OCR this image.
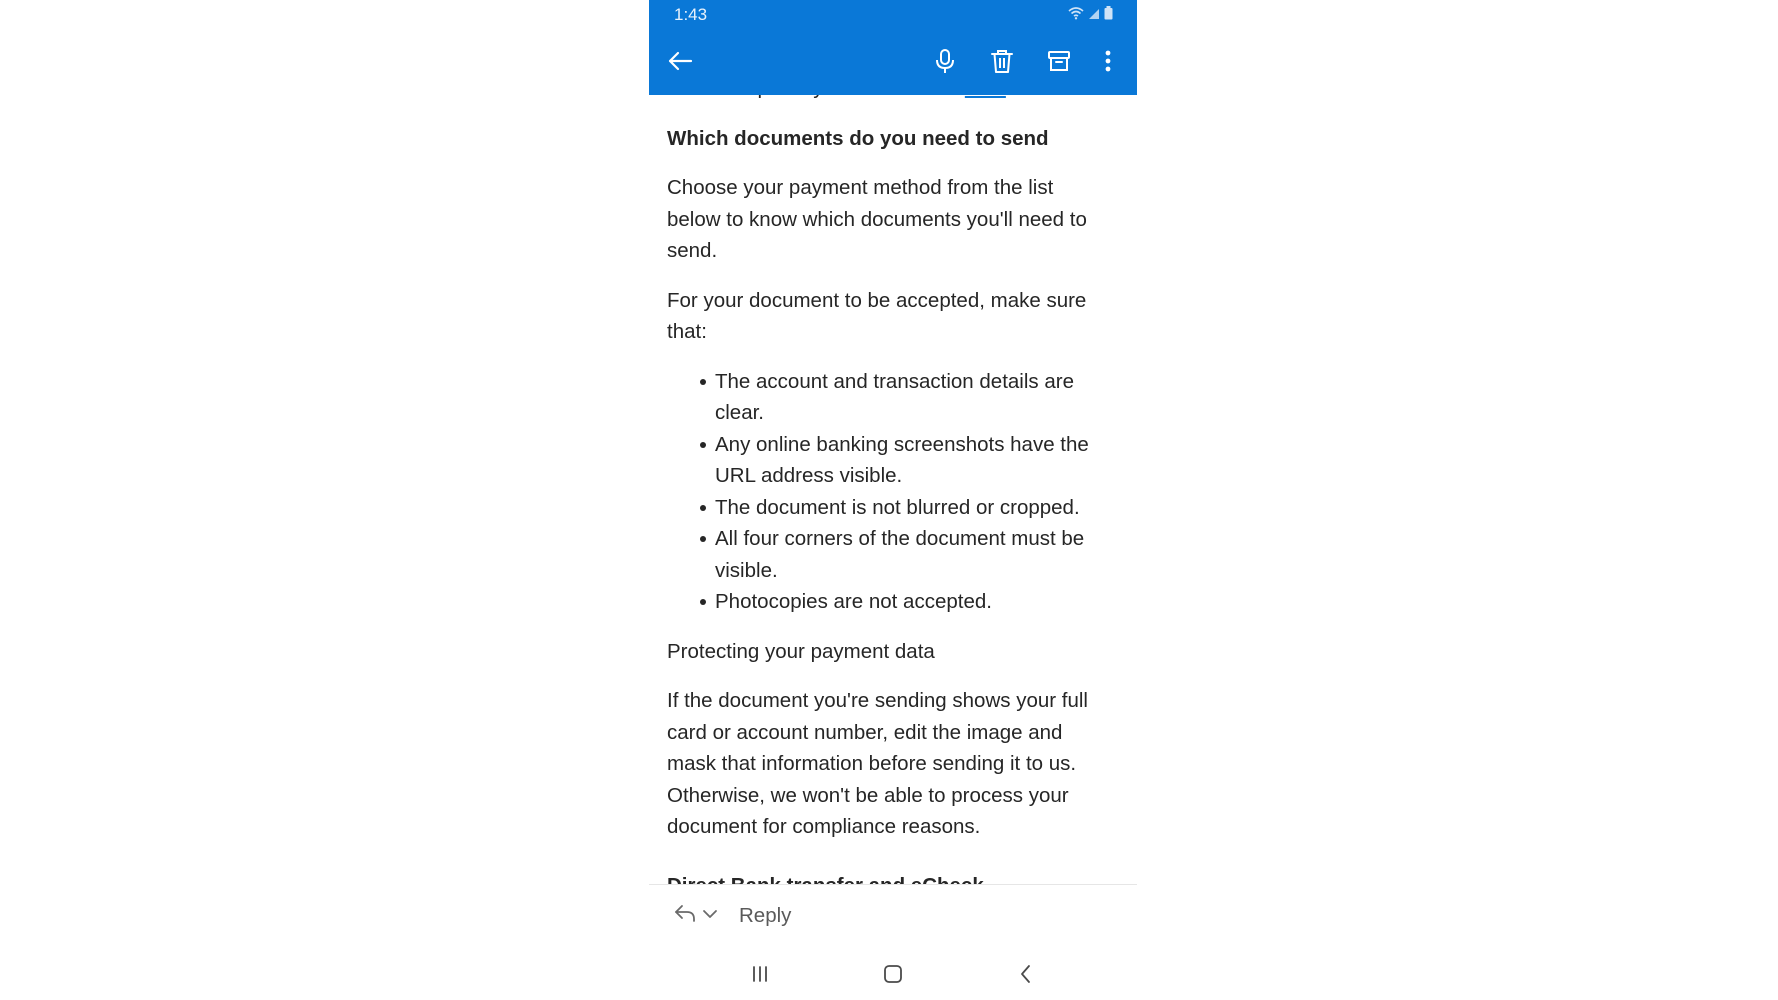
1:43

Which documents do you need to send

Choose your payment method from the list below to know which documents you'll need to send.

For your document to be accepted, make sure that:

The account and transaction details are clear.
Any online banking screenshots have the URL address visible.
The document is not blurred or cropped.
All four corners of the document must be visible.
Photocopies are not accepted.

Protecting your payment data

If the document you're sending shows your full card or account number, edit the image and mask that information before sending it to us. Otherwise, we won't be able to process your document for compliance reasons.

Reply
